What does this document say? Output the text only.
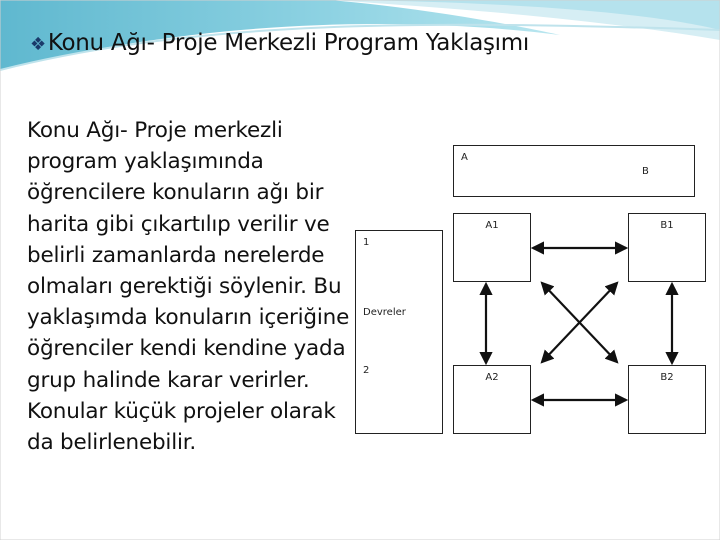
❖Konu Ağı- Proje Merkezli Program Yaklaşımı
Konu Ağı- Proje merkezli program yaklaşımında öğrencilere konuların ağı bir harita gibi çıkartılıp verilir ve belirli zamanlarda nerelerde olmaları gerektiği söylenir. Bu yaklaşımda konuların içeriğine öğrenciler kendi kendine yada grup halinde karar verirler. Konular küçük projeler olarak da belirlenebilir.
A
B
1
Devreler
2
A1	B1
A2	B2
